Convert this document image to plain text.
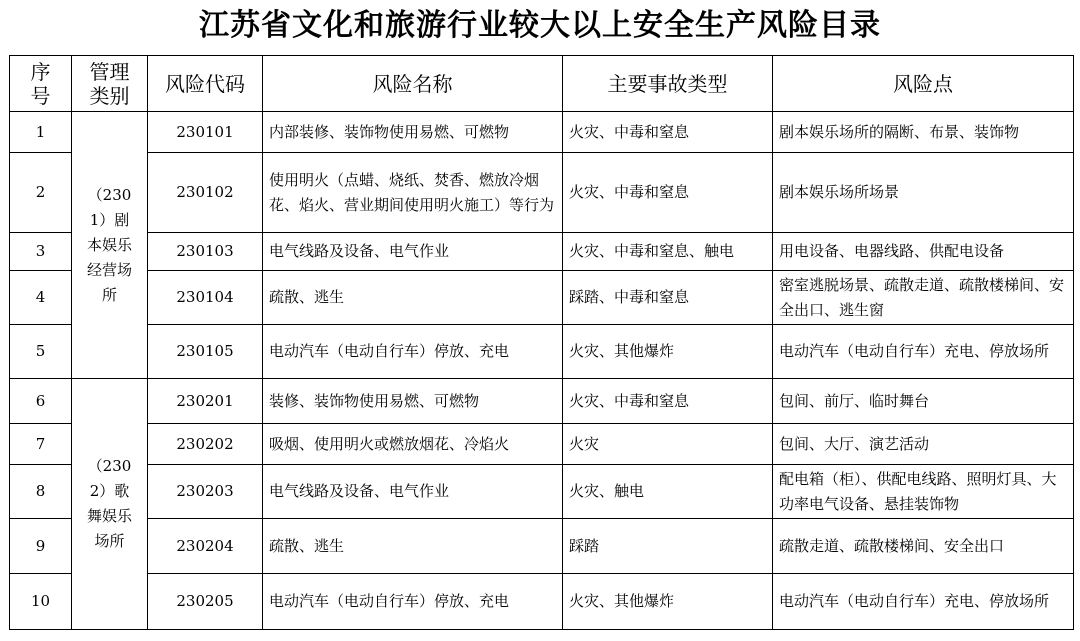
江苏省文化和旅游行业较大以上安全生产风险目录
序号	管理类别	风险代码	风险名称	主要事故类型	风险点
1	（2301）剧本娱乐经营场所	230101	内部装修、装饰物使用易燃、可燃物	火灾、中毒和窒息	剧本娱乐场所的隔断、布景、装饰物
2		230102	使用明火（点蜡、烧纸、焚香、燃放冷烟花、焰火、营业期间使用明火施工）等行为	火灾、中毒和窒息	剧本娱乐场所场景
3		230103	电气线路及设备、电气作业	火灾、中毒和窒息、触电	用电设备、电器线路、供配电设备
4		230104	疏散、逃生	踩踏、中毒和窒息	密室逃脱场景、疏散走道、疏散楼梯间、安全出口、逃生窗
5		230105	电动汽车（电动自行车）停放、充电	火灾、其他爆炸	电动汽车（电动自行车）充电、停放场所
6	（2302）歌舞娱乐场所	230201	装修、装饰物使用易燃、可燃物	火灾、中毒和窒息	包间、前厅、临时舞台
7		230202	吸烟、使用明火或燃放烟花、冷焰火	火灾	包间、大厅、演艺活动
8		230203	电气线路及设备、电气作业	火灾、触电	配电箱（柜）、供配电线路、照明灯具、大功率电气设备、悬挂装饰物
9		230204	疏散、逃生	踩踏	疏散走道、疏散楼梯间、安全出口
10		230205	电动汽车（电动自行车）停放、充电	火灾、其他爆炸	电动汽车（电动自行车）充电、停放场所
